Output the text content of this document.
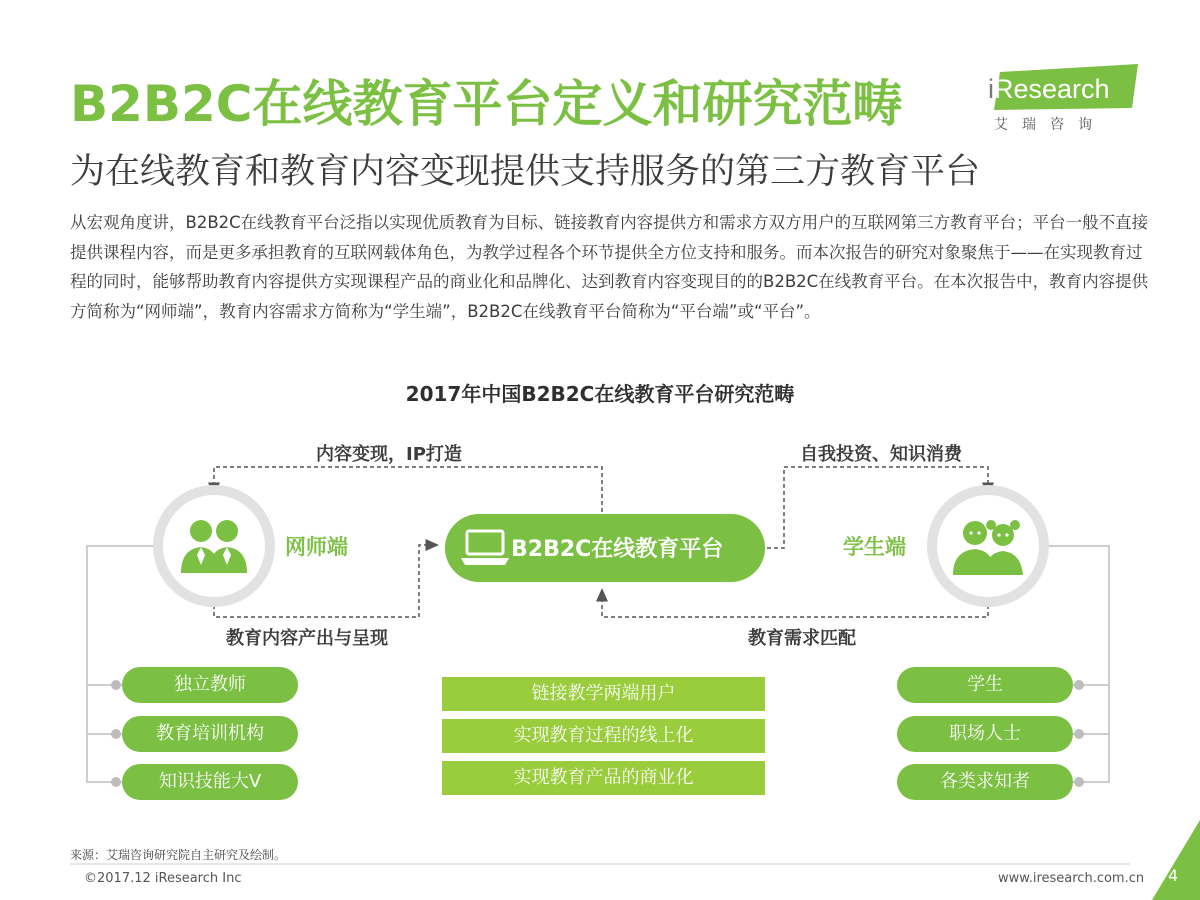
B2B2C在线教育平台定义和研究范畴
为在线教育和教育内容变现提供支持服务的第三方教育平台
iResearch
艾瑞咨询
从宏观角度讲，B2B2C在线教育平台泛指以实现优质教育为目标、链接教育内容提供方和需求方双方用户的互联网第三方教育平台；平台一般不直接提供课程内容，而是更多承担教育的互联网载体角色，为教学过程各个环节提供全方位支持和服务。而本次报告的研究对象聚焦于——在实现教育过程的同时，能够帮助教育内容提供方实现课程产品的商业化和品牌化、达到教育内容变现目的的B2B2C在线教育平台。在本次报告中，教育内容提供方简称为“网师端”，教育内容需求方简称为“学生端”，B2B2C在线教育平台简称为“平台端”或“平台”。
2017年中国B2B2C在线教育平台研究范畴
内容变现，IP打造	自我投资、知识消费
教育内容产出与呈现	教育需求匹配
网师端	学生端
B2B2C在线教育平台
独立教师
教育培训机构
知识技能大V
链接教学两端用户
实现教育过程的线上化
实现教育产品的商业化
学生
职场人士
各类求知者
来源：艾瑞咨询研究院自主研究及绘制。
©2017.12 iResearch Inc	www.iresearch.com.cn 4
